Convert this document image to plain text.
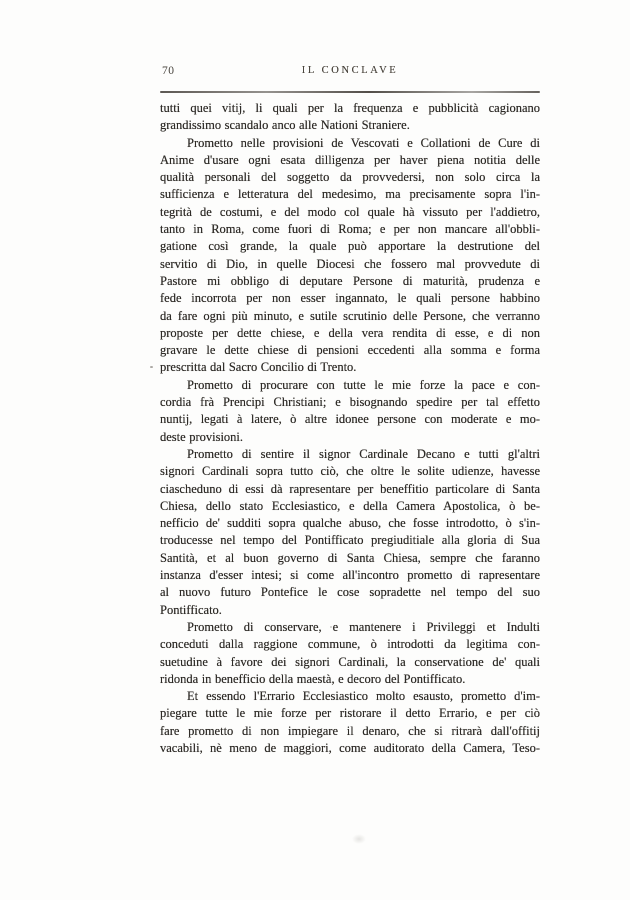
70	IL CONCLAVE
tutti quei vitij, li quali per la frequenza e pubblicità cagionano
grandissimo scandalo anco alle Nationi Straniere.
Prometto nelle provisioni de Vescovati e Collationi de Cure di
Anime d'usare ogni esata dilligenza per haver piena notitia delle
qualità personali del soggetto da provvedersi, non solo circa la
sufficienza e letteratura del medesimo, ma precisamente sopra l'in-
tegrità de costumi, e del modo col quale hà vissuto per l'addietro,
tanto in Roma, come fuori di Roma; e per non mancare all'obbli-
gatione così grande, la quale può apportare la destrutione del
servitio di Dio, in quelle Diocesi che fossero mal provvedute di
Pastore mi obbligo di deputare Persone di maturità, prudenza e
fede incorrota per non esser ingannato, le quali persone habbino
da fare ogni più minuto, e sutile scrutinio delle Persone, che verranno
proposte per dette chiese, e della vera rendita di esse, e di non
gravare le dette chiese di pensioni eccedenti alla somma e forma
prescritta dal Sacro Concilio di Trento.
Prometto di procurare con tutte le mie forze la pace e con-
cordia frà Prencipi Christiani; e bisognando spedire per tal effetto
nuntij, legati à latere, ò altre idonee persone con moderate e mo-
deste provisioni.
Prometto di sentire il signor Cardinale Decano e tutti gl'altri
signori Cardinali sopra tutto ciò, che oltre le solite udienze, havesse
ciascheduno di essi dà rapresentare per beneffitio particolare di Santa
Chiesa, dello stato Ecclesiastico, e della Camera Apostolica, ò be-
nefficio de' sudditi sopra qualche abuso, che fosse introdotto, ò s'in-
troducesse nel tempo del Pontifficato pregiuditiale alla gloria di Sua
Santità, et al buon governo di Santa Chiesa, sempre che faranno
instanza d'esser intesi; si come all'incontro prometto di rapresentare
al nuovo futuro Pontefice le cose sopradette nel tempo del suo
Pontifficato.
Prometto di conservare, e mantenere i Privileggi et Indulti
conceduti dalla raggione commune, ò introdotti da legitima con-
suetudine à favore dei signori Cardinali, la conservatione de' quali
ridonda in benefficio della maestà, e decoro del Pontifficato.
Et essendo l'Errario Ecclesiastico molto esausto, prometto d'im-
piegare tutte le mie forze per ristorare il detto Errario, e per ciò
fare prometto di non impiegare il denaro, che si ritrarà dall'offitij
vacabili, nè meno de maggiori, come auditorato della Camera, Teso-
